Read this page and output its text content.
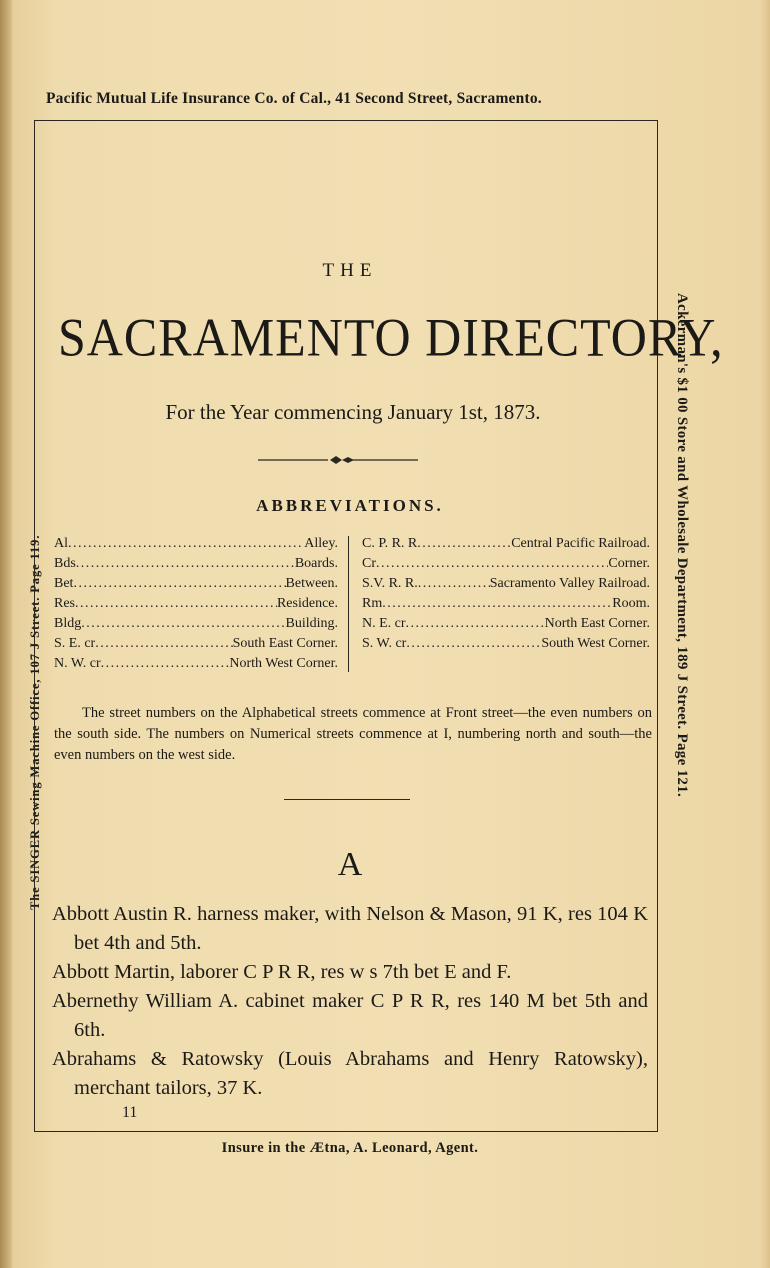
Pacific Mutual Life Insurance Co. of Cal., 41 Second Street, Sacramento.
The SINGER Sewing Machine Office, 107 J Street. Page 119.	Ackerman's $1 00 Store and Wholesale Department, 189 J Street. Page 121.
THE
SACRAMENTO DIRECTORY,
For the Year commencing January 1st, 1873.
ABBREVIATIONS.
Al .....	Alley.
Bds .....	Boards.
Bet .....	Between.
Res .....	Residence.
Bldg .....	Building.
S. E. cr .....	South East Corner.
N. W. cr .....	North West Corner.
C. P. R. R .....	Central Pacific Railroad.
Cr .....	Corner.
S.V. R. R. .....	Sacramento Valley Railroad.
Rm .....	Room.
N. E. cr .....	North East Corner.
S. W. cr .....	South West Corner.

The street numbers on the Alphabetical streets commence at Front street—the even numbers on the south side. The numbers on Numerical streets commence at I, numbering north and south—the even numbers on the west side.

A

Abbott Austin R. harness maker, with Nelson & Mason, 91 K, res 104 K bet 4th and 5th.

Abbott Martin, laborer C P R R, res w s 7th bet E and F.

Abernethy William A. cabinet maker C P R R, res 140 M bet 5th and 6th.

Abrahams & Ratowsky (Louis Abrahams and Henry Ratowsky), merchant tailors, 37 K.

11
Insure in the Ætna, A. Leonard, Agent.
